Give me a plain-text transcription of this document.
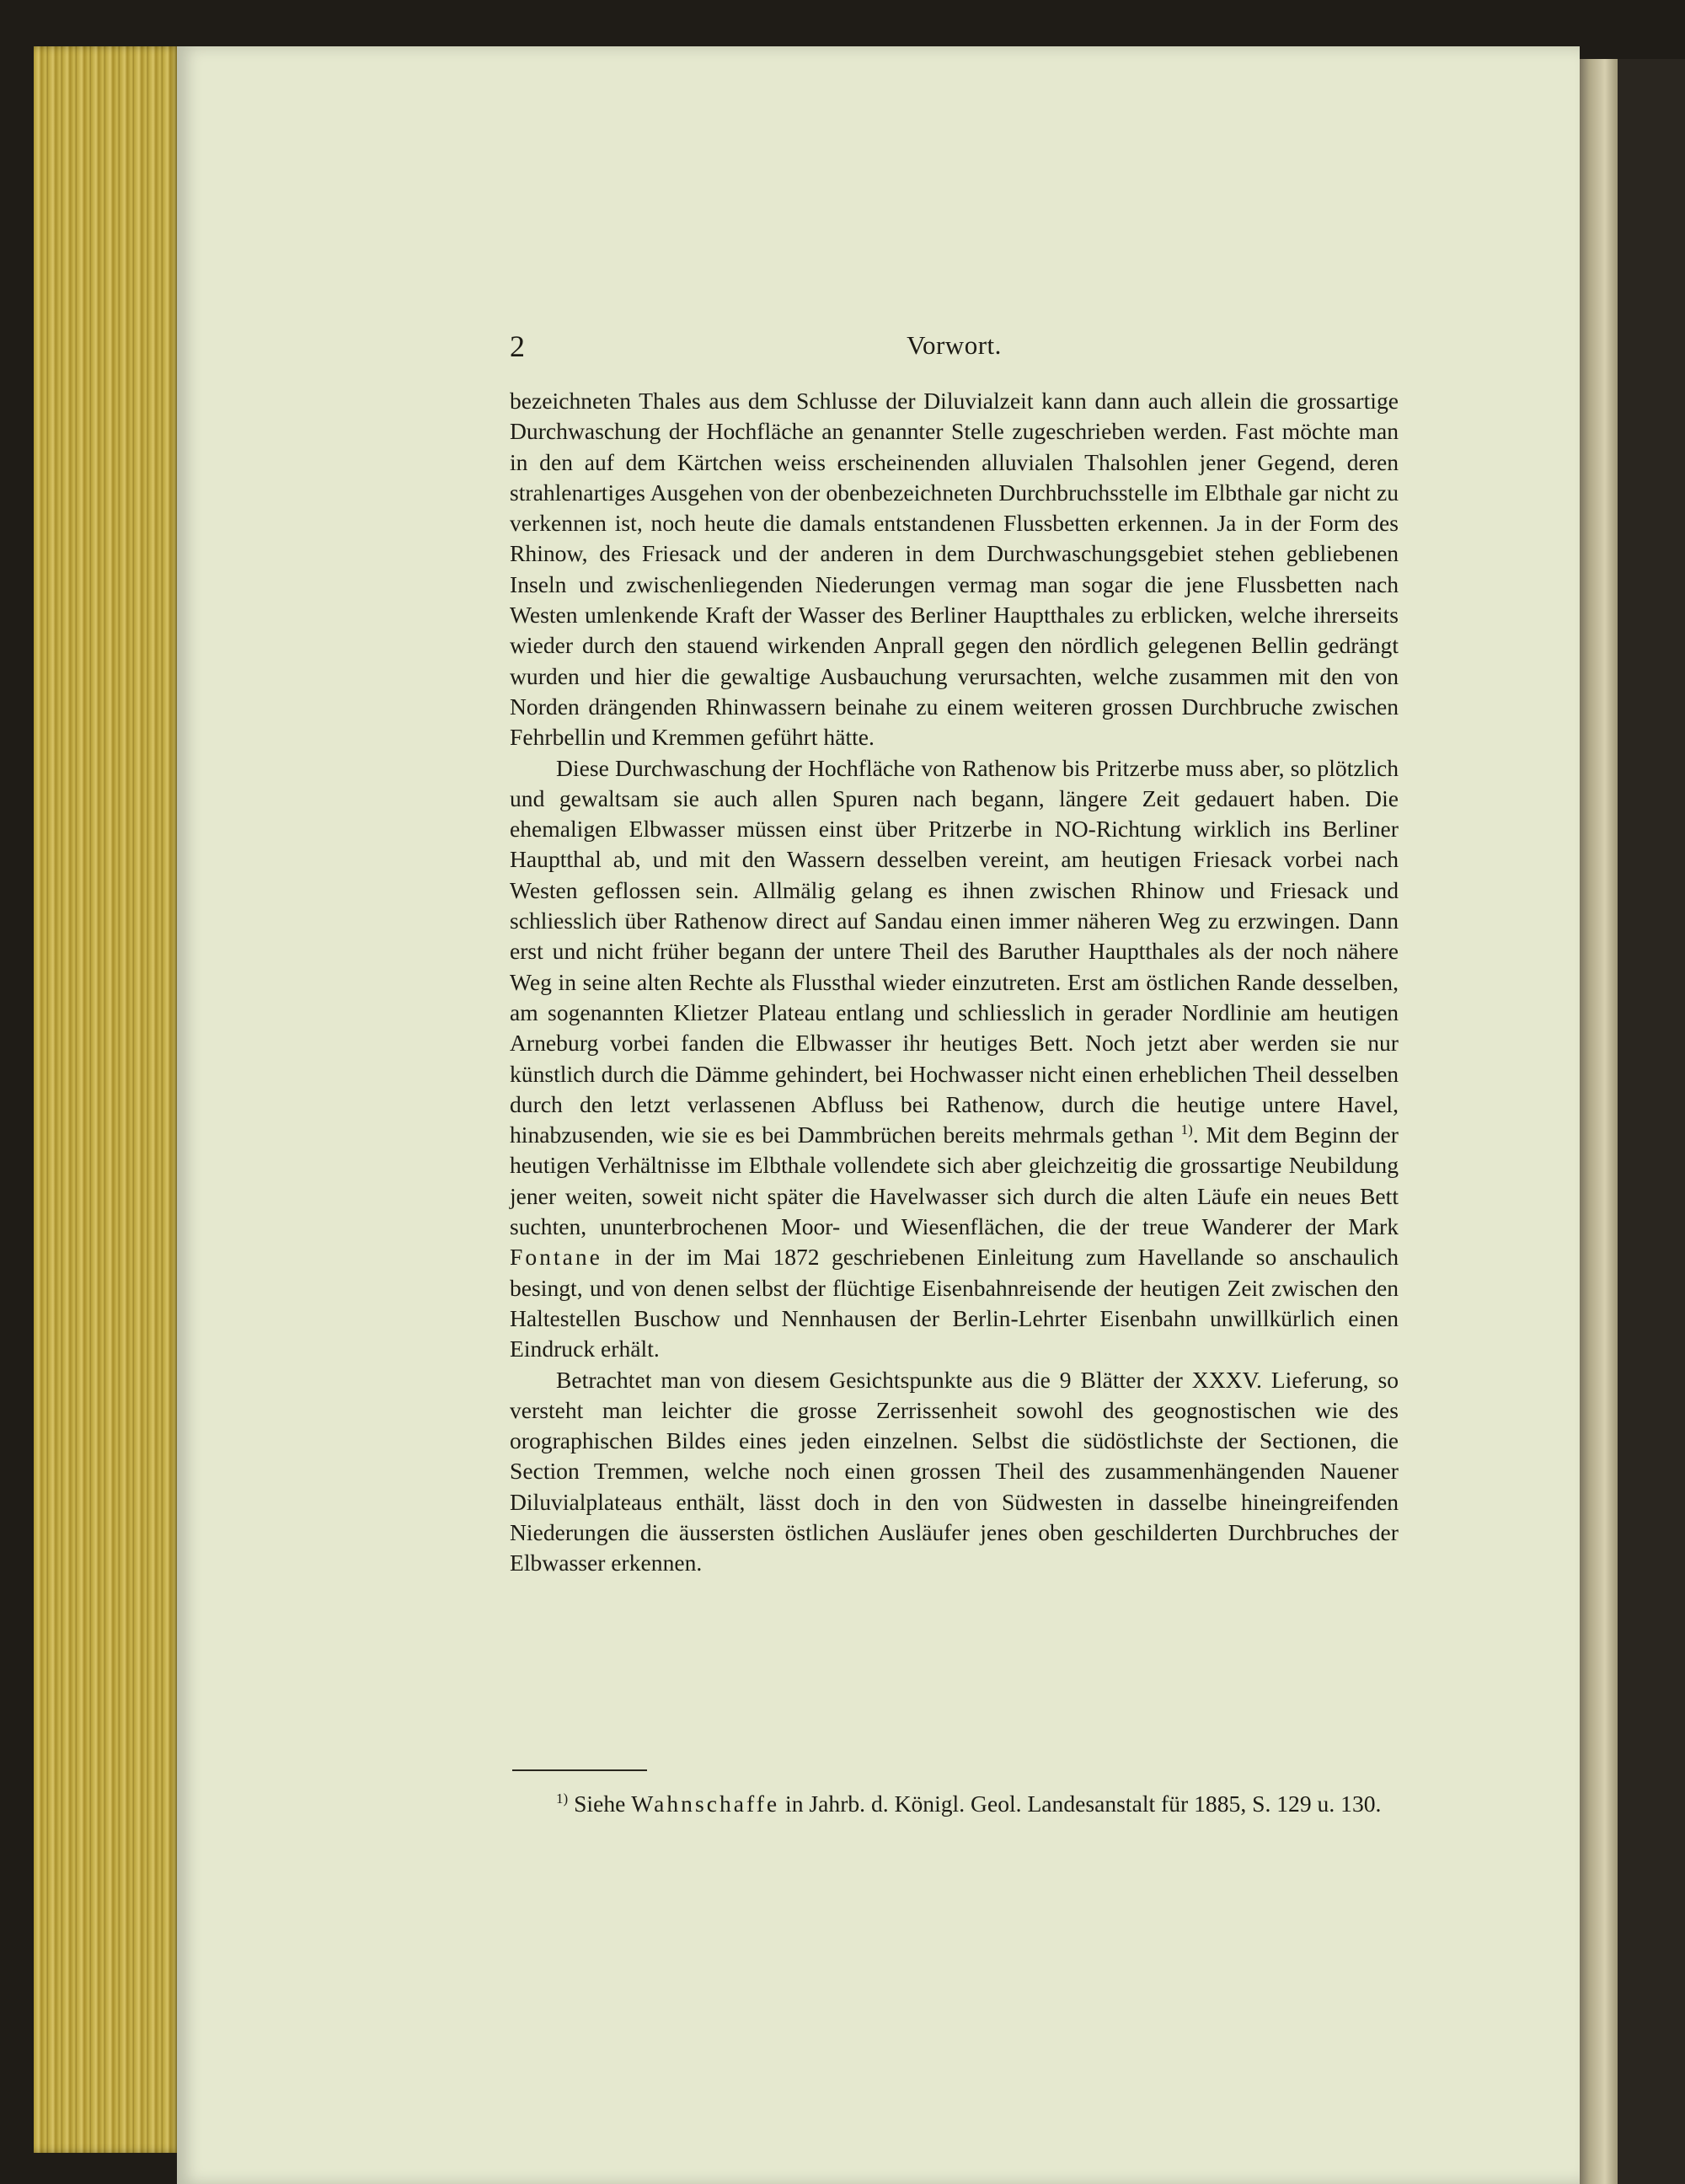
2	Vorwort.

bezeichneten Thales aus dem Schlusse der Diluvialzeit kann dann auch allein die grossartige Durchwaschung der Hochfläche an genannter Stelle zugeschrieben werden. Fast möchte man in den auf dem Kärtchen weiss erscheinenden alluvialen Thalsohlen jener Gegend, deren strahlenartiges Ausgehen von der obenbezeichneten Durchbruchsstelle im Elbthale gar nicht zu verkennen ist, noch heute die damals entstandenen Flussbetten erkennen. Ja in der Form des Rhinow, des Friesack und der anderen in dem Durchwaschungsgebiet stehen gebliebenen Inseln und zwischenliegenden Niederungen vermag man sogar die jene Flussbetten nach Westen umlenkende Kraft der Wasser des Berliner Hauptthales zu erblicken, welche ihrerseits wieder durch den stauend wirkenden Anprall gegen den nördlich gelegenen Bellin gedrängt wurden und hier die gewaltige Ausbauchung verursachten, welche zusammen mit den von Norden drängenden Rhinwassern beinahe zu einem weiteren grossen Durchbruche zwischen Fehrbellin und Kremmen geführt hätte.

Diese Durchwaschung der Hochfläche von Rathenow bis Pritzerbe muss aber, so plötzlich und gewaltsam sie auch allen Spuren nach begann, längere Zeit gedauert haben. Die ehemaligen Elbwasser müssen einst über Pritzerbe in NO-Richtung wirklich ins Berliner Hauptthal ab, und mit den Wassern desselben vereint, am heutigen Friesack vorbei nach Westen geflossen sein. Allmälig gelang es ihnen zwischen Rhinow und Friesack und schliesslich über Rathenow direct auf Sandau einen immer näheren Weg zu erzwingen. Dann erst und nicht früher begann der untere Theil des Baruther Hauptthales als der noch nähere Weg in seine alten Rechte als Flussthal wieder einzutreten. Erst am östlichen Rande desselben, am sogenannten Klietzer Plateau entlang und schliesslich in gerader Nordlinie am heutigen Arneburg vorbei fanden die Elbwasser ihr heutiges Bett. Noch jetzt aber werden sie nur künstlich durch die Dämme gehindert, bei Hochwasser nicht einen erheblichen Theil desselben durch den letzt verlassenen Abfluss bei Rathenow, durch die heutige untere Havel, hinabzusenden, wie sie es bei Dammbrüchen bereits mehrmals gethan $^{1)}$. Mit dem Beginn der heutigen Verhältnisse im Elbthale vollendete sich aber gleichzeitig die grossartige Neubildung jener weiten, soweit nicht später die Havelwasser sich durch die alten Läufe ein neues Bett suchten, ununterbrochenen Moor- und Wiesenflächen, die der treue Wanderer der Mark Fontane in der im Mai 1872 geschriebenen Einleitung zum Havellande so anschaulich besingt, und von denen selbst der flüchtige Eisenbahnreisende der heutigen Zeit zwischen den Haltestellen Buschow und Nennhausen der Berlin-Lehrter Eisenbahn unwillkürlich einen Eindruck erhält.

Betrachtet man von diesem Gesichtspunkte aus die 9 Blätter der XXXV. Lieferung, so versteht man leichter die grosse Zerrissenheit sowohl des geognostischen wie des orographischen Bildes eines jeden einzelnen. Selbst die südöstlichste der Sectionen, die Section Tremmen, welche noch einen grossen Theil des zusammenhängenden Nauener Diluvialplateaus enthält, lässt doch in den von Südwesten in dasselbe hineingreifenden Niederungen die äussersten östlichen Ausläufer jenes oben geschilderten Durchbruches der Elbwasser erkennen.

$^{1)}$ Siehe Wahnschaffe in Jahrb. d. Königl. Geol. Landesanstalt für 1885, S. 129 u. 130.
